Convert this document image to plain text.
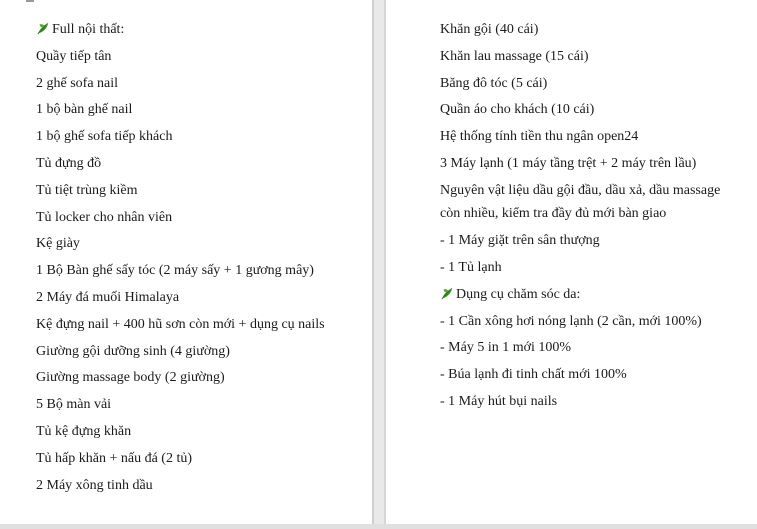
Full nội thất:
Quầy tiếp tân
2 ghế sofa nail
1 bộ bàn ghế nail
1 bộ ghế sofa tiếp khách
Tủ đựng đồ
Tủ tiệt trùng kiềm
Tủ locker cho nhân viên
Kệ giày
1 Bộ Bàn ghế sấy tóc (2 máy sấy + 1 gương mây)
2 Máy đá muối Himalaya
Kệ đựng nail + 400 hũ sơn còn mới + dụng cụ nails
Giường gội dưỡng sinh (4 giường)
Giường massage body (2 giường)
5 Bộ màn vải
Tủ kệ đựng khăn
Tủ hấp khăn + nấu đá (2 tủ)
2 Máy xông tinh dầu
Khăn gội (40 cái)
Khăn lau massage (15 cái)
Băng đô tóc (5 cái)
Quần áo cho khách (10 cái)
Hệ thống tính tiền thu ngân open24
3 Máy lạnh (1 máy tầng trệt + 2 máy trên lầu)
Nguyên vật liệu dầu gội đầu, dầu xả, dầu massage
còn nhiều, kiểm tra đầy đủ mới bàn giao
- 1 Máy giặt trên sân thượng
- 1 Tủ lạnh
Dụng cụ chăm sóc da:
- 1 Cần xông hơi nóng lạnh (2 cần, mới 100%)
- Máy 5 in 1 mới 100%
- Búa lạnh đi tinh chất mới 100%
- 1 Máy hút bụi nails
